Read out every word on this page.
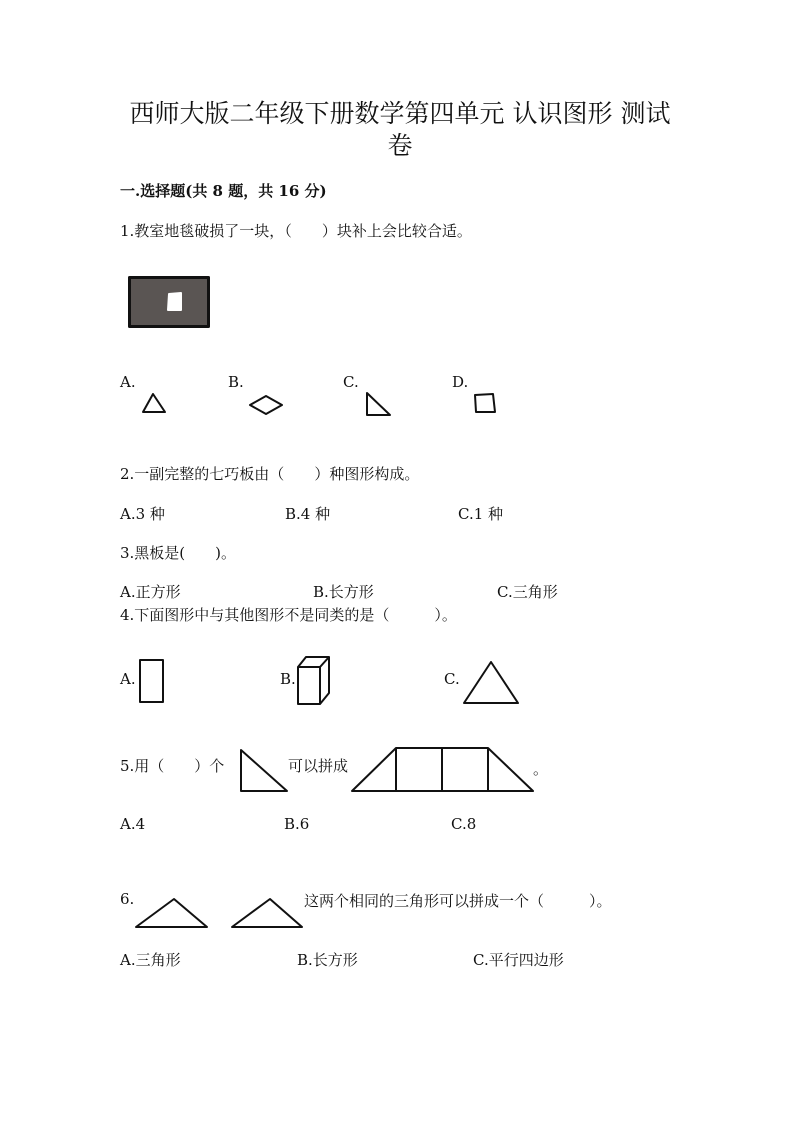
西师大版二年级下册数学第四单元 认识图形 测试
卷
一.选择题(共 8 题，共 16 分)
1.教室地毯破损了一块，（　　）块补上会比较合适。
A.	B.	C.	D.
2.一副完整的七巧板由（　　）种图形构成。
A.3 种	B.4 种	C.1 种
3.黑板是(　　)。
A.正方形	B.长方形	C.三角形
4.下面图形中与其他图形不是同类的是（　　　）。
A.	B.	C.
5.用（　　）个	可以拼成	。
A.4	B.6	C.8
6.	这两个相同的三角形可以拼成一个（　　　）。
A.三角形	B.长方形	C.平行四边形
